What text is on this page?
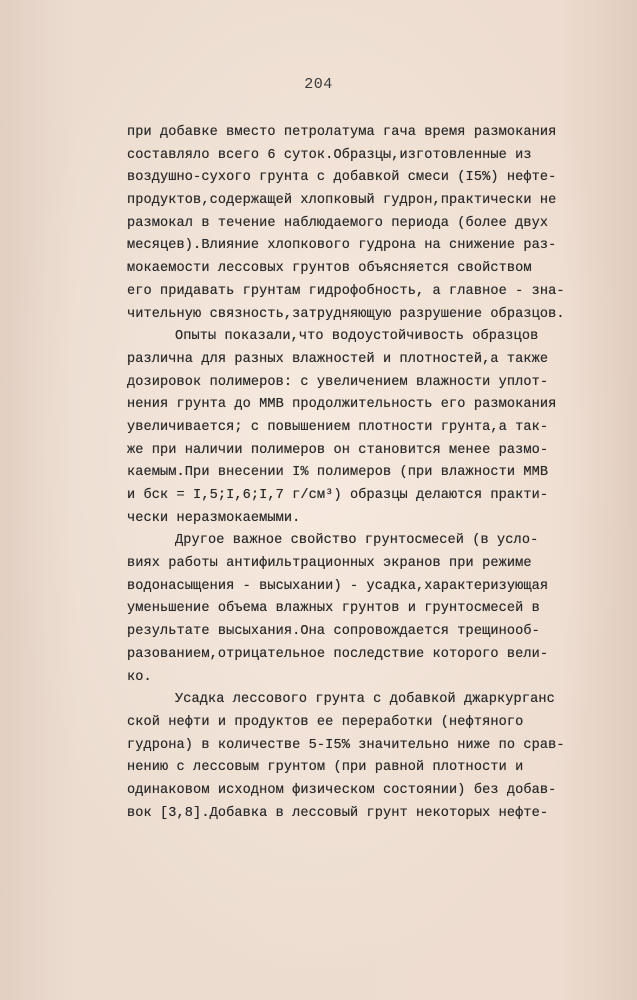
204
при добавке вместо петролатума гача время размокания
составляло всего 6 суток.Образцы,изготовленные из
воздушно-сухого грунта с добавкой смеси (I5%) нефте-
продуктов,содержащей хлопковый гудрон,практически не
размокал в течение наблюдаемого периода (более двух
месяцев).Влияние хлопкового гудрона на снижение раз-
мокаемости лессовых грунтов объясняется свойством
его придавать грунтам гидрофобность, а главное - зна-
чительную связность,затрудняющую разрушение образцов.
Опыты показали,что водоустойчивость образцов
различна для разных влажностей и плотностей,а также
дозировок полимеров: с увеличением влажности уплот-
нения грунта до ММВ продолжительность его размокания
увеличивается; с повышением плотности грунта,а так-
же при наличии полимеров он становится менее размо-
каемым.При внесении I% полимеров (при влажности ММВ
и бск = I,5;I,6;I,7 г/см³) образцы делаются практи-
чески неразмокаемыми.
Другое важное свойство грунтосмесей (в усло-
виях работы антифильтрационных экранов при режиме
водонасыщения - высыхании) - усадка,характеризующая
уменьшение объема влажных грунтов и грунтосмесей в
результате высыхания.Она сопровождается трещинооб-
разованием,отрицательное последствие которого вели-
ко.
Усадка лессового грунта с добавкой джаркурганс
ской нефти и продуктов ее переработки (нефтяного
гудрона) в количестве 5-I5% значительно ниже по срав-
нению с лессовым грунтом (при равной плотности и
одинаковом исходном физическом состоянии) без добав-
вок [3,8].Добавка в лессовый грунт некоторых нефте-
